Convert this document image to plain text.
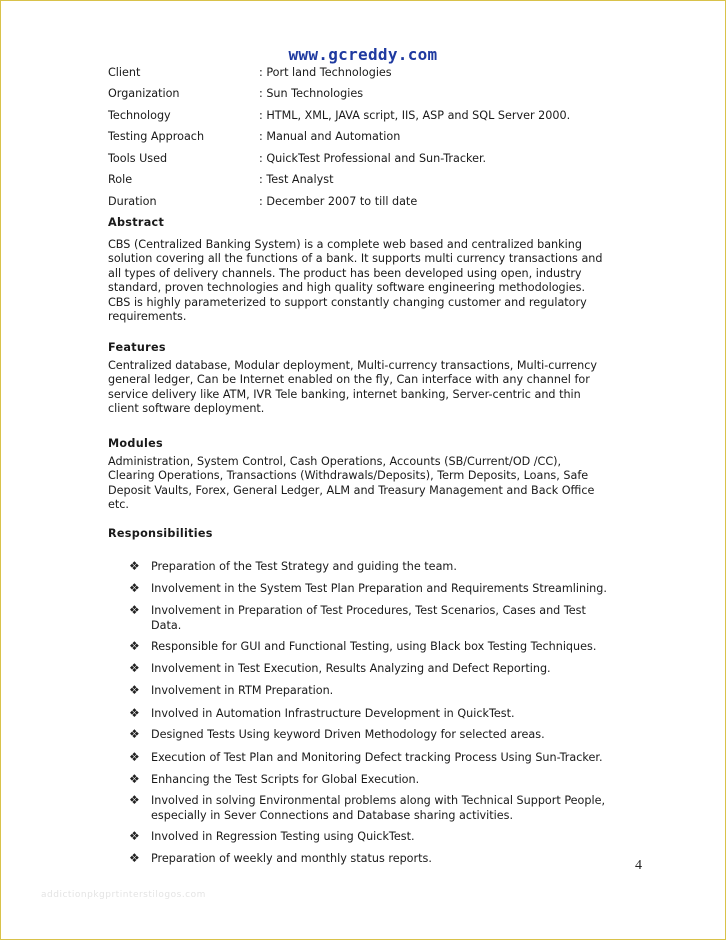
www.gcreddy.com
Client	: Port land Technologies
Organization	: Sun Technologies
Technology	: HTML, XML, JAVA script, IIS, ASP and SQL Server 2000.
Testing Approach	: Manual and Automation
Tools Used	: QuickTest Professional and Sun-Tracker.
Role	: Test Analyst
Duration	: December 2007 to till date
Abstract
CBS (Centralized Banking System) is a complete web based and centralized banking
solution covering all the functions of a bank. It supports multi currency transactions and
all types of delivery channels. The product has been developed using open, industry
standard, proven technologies and high quality software engineering methodologies.
CBS is highly parameterized to support constantly changing customer and regulatory
requirements.
Features
Centralized database, Modular deployment, Multi-currency transactions, Multi-currency
general ledger, Can be Internet enabled on the fly, Can interface with any channel for
service delivery like ATM, IVR Tele banking, internet banking, Server-centric and thin
client software deployment.
Modules
Administration, System Control, Cash Operations, Accounts (SB/Current/OD /CC),
Clearing Operations, Transactions (Withdrawals/Deposits), Term Deposits, Loans, Safe
Deposit Vaults, Forex, General Ledger, ALM and Treasury Management and Back Office
etc.
Responsibilities
❖ Preparation of the Test Strategy and guiding the team.
❖ Involvement in the System Test Plan Preparation and Requirements Streamlining.
❖ Involvement in Preparation of Test Procedures, Test Scenarios, Cases and Test
Data.
❖ Responsible for GUI and Functional Testing, using Black box Testing Techniques.
❖ Involvement in Test Execution, Results Analyzing and Defect Reporting.
❖ Involvement in RTM Preparation.
❖ Involved in Automation Infrastructure Development in QuickTest.
❖ Designed Tests Using keyword Driven Methodology for selected areas.
❖ Execution of Test Plan and Monitoring Defect tracking Process Using Sun-Tracker.
❖ Enhancing the Test Scripts for Global Execution.
❖ Involved in solving Environmental problems along with Technical Support People,
especially in Sever Connections and Database sharing activities.
❖ Involved in Regression Testing using QuickTest.
❖ Preparation of weekly and monthly status reports.	4
addictionpkgprtinterstilogos.com
